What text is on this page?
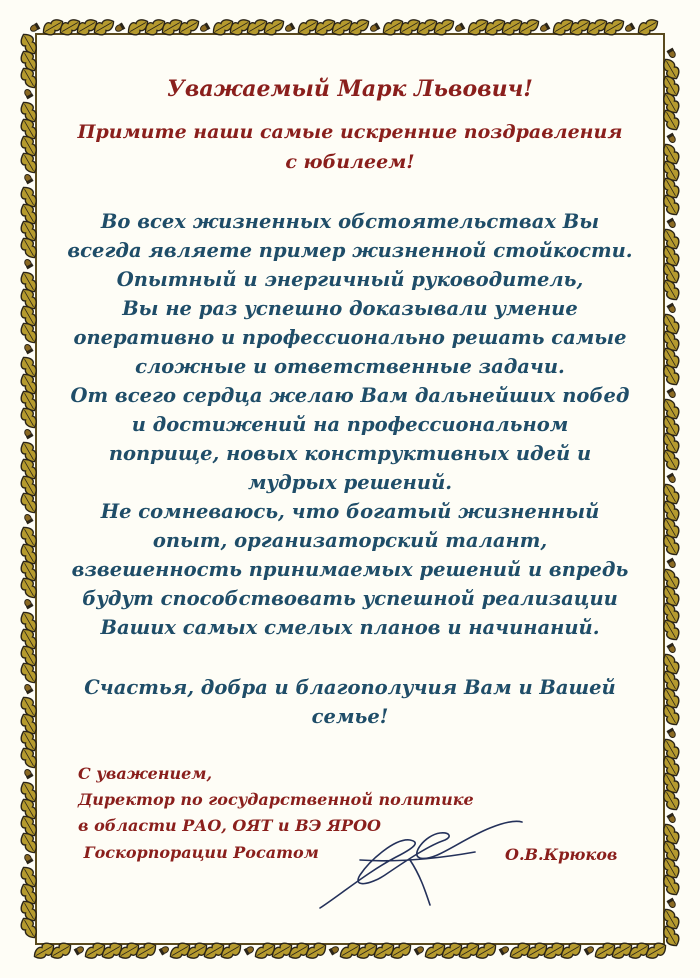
Уважаемый Марк Львович!
Примите наши самые искренние поздравления
с юбилеем!
Во всех жизненных обстоятельствах Вы
всегда являете пример жизненной стойкости.
Опытный и энергичный руководитель,
Вы не раз успешно доказывали умение
оперативно и профессионально решать самые
сложные и ответственные задачи.
От всего сердца желаю Вам дальнейших побед
и достижений на профессиональном
поприще, новых конструктивных идей и
мудрых решений.
Не сомневаюсь, что богатый жизненный
опыт, организаторский талант,
взвешенность принимаемых решений и впредь
будут способствовать успешной реализации
Ваших самых смелых планов и начинаний.
Счастья, добра и благополучия Вам и Вашей
семье!
С уважением,
Директор по государственной политике
в области РАО, ОЯТ и ВЭ ЯРОО
Госкорпорации Росатом	О.В.Крюков
